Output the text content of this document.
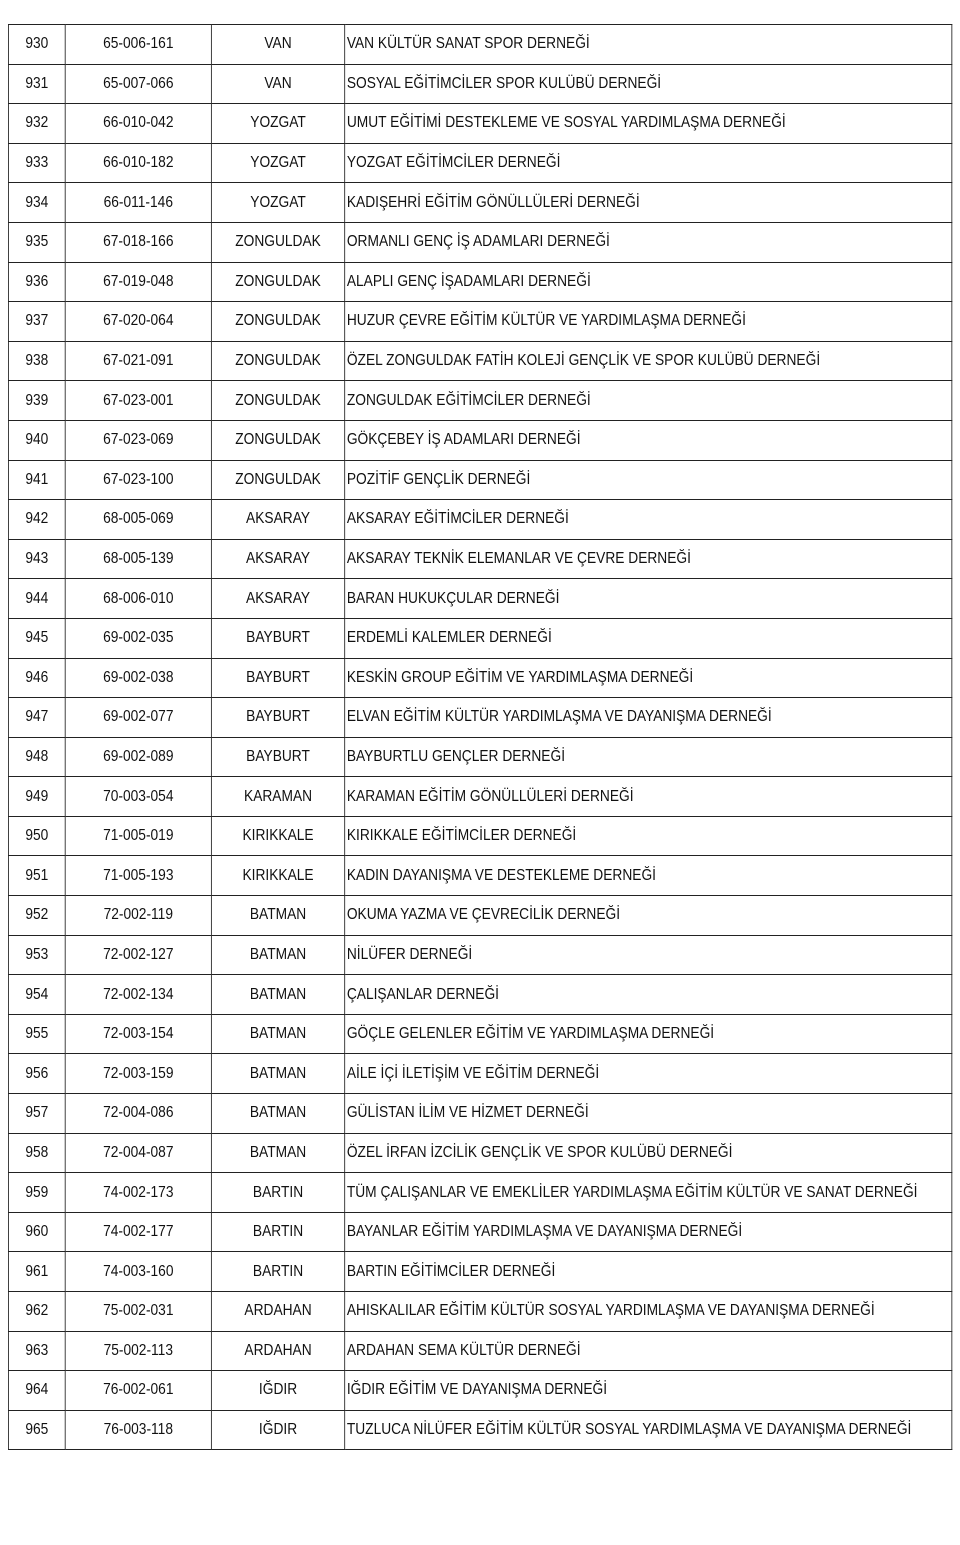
930	65-006-161	VAN	VAN KÜLTÜR SANAT SPOR DERNEĞİ
931	65-007-066	VAN	SOSYAL EĞİTİMCİLER SPOR KULÜBÜ DERNEĞİ
932	66-010-042	YOZGAT	UMUT EĞİTİMİ DESTEKLEME VE SOSYAL YARDIMLAŞMA DERNEĞİ
933	66-010-182	YOZGAT	YOZGAT EĞİTİMCİLER DERNEĞİ
934	66-011-146	YOZGAT	KADIŞEHRİ EĞİTİM GÖNÜLLÜLERİ DERNEĞİ
935	67-018-166	ZONGULDAK	ORMANLI GENÇ İŞ ADAMLARI DERNEĞİ
936	67-019-048	ZONGULDAK	ALAPLI GENÇ İŞADAMLARI DERNEĞİ
937	67-020-064	ZONGULDAK	HUZUR ÇEVRE EĞİTİM KÜLTÜR VE YARDIMLAŞMA DERNEĞİ
938	67-021-091	ZONGULDAK	ÖZEL ZONGULDAK FATİH KOLEJİ GENÇLİK VE SPOR KULÜBÜ DERNEĞİ
939	67-023-001	ZONGULDAK	ZONGULDAK EĞİTİMCİLER DERNEĞİ
940	67-023-069	ZONGULDAK	GÖKÇEBEY İŞ ADAMLARI DERNEĞİ
941	67-023-100	ZONGULDAK	POZİTİF GENÇLİK DERNEĞİ
942	68-005-069	AKSARAY	AKSARAY EĞİTİMCİLER DERNEĞİ
943	68-005-139	AKSARAY	AKSARAY TEKNİK ELEMANLAR VE ÇEVRE DERNEĞİ
944	68-006-010	AKSARAY	BARAN HUKUKÇULAR DERNEĞİ
945	69-002-035	BAYBURT	ERDEMLİ KALEMLER DERNEĞİ
946	69-002-038	BAYBURT	KESKİN GROUP EĞİTİM VE YARDIMLAŞMA DERNEĞİ
947	69-002-077	BAYBURT	ELVAN EĞİTİM KÜLTÜR YARDIMLAŞMA VE DAYANIŞMA DERNEĞİ
948	69-002-089	BAYBURT	BAYBURTLU GENÇLER DERNEĞİ
949	70-003-054	KARAMAN	KARAMAN EĞİTİM GÖNÜLLÜLERİ DERNEĞİ
950	71-005-019	KIRIKKALE	KIRIKKALE EĞİTİMCİLER DERNEĞİ
951	71-005-193	KIRIKKALE	KADIN DAYANIŞMA VE DESTEKLEME DERNEĞİ
952	72-002-119	BATMAN	OKUMA YAZMA VE ÇEVRECİLİK DERNEĞİ
953	72-002-127	BATMAN	NİLÜFER DERNEĞİ
954	72-002-134	BATMAN	ÇALIŞANLAR DERNEĞİ
955	72-003-154	BATMAN	GÖÇLE GELENLER EĞİTİM VE YARDIMLAŞMA DERNEĞİ
956	72-003-159	BATMAN	AİLE İÇİ İLETİŞİM VE EĞİTİM DERNEĞİ
957	72-004-086	BATMAN	GÜLİSTAN İLİM VE HİZMET DERNEĞİ
958	72-004-087	BATMAN	ÖZEL İRFAN İZCİLİK GENÇLİK VE SPOR KULÜBÜ DERNEĞİ
959	74-002-173	BARTIN	TÜM ÇALIŞANLAR VE EMEKLİLER YARDIMLAŞMA EĞİTİM KÜLTÜR VE SANAT DERNEĞİ
960	74-002-177	BARTIN	BAYANLAR EĞİTİM YARDIMLAŞMA VE DAYANIŞMA DERNEĞİ
961	74-003-160	BARTIN	BARTIN EĞİTİMCİLER DERNEĞİ
962	75-002-031	ARDAHAN	AHISKALILAR EĞİTİM KÜLTÜR SOSYAL YARDIMLAŞMA VE DAYANIŞMA DERNEĞİ
963	75-002-113	ARDAHAN	ARDAHAN SEMA KÜLTÜR DERNEĞİ
964	76-002-061	IĞDIR	IĞDIR EĞİTİM VE DAYANIŞMA DERNEĞİ
965	76-003-118	IĞDIR	TUZLUCA NİLÜFER EĞİTİM KÜLTÜR SOSYAL YARDIMLAŞMA VE DAYANIŞMA DERNEĞİ
